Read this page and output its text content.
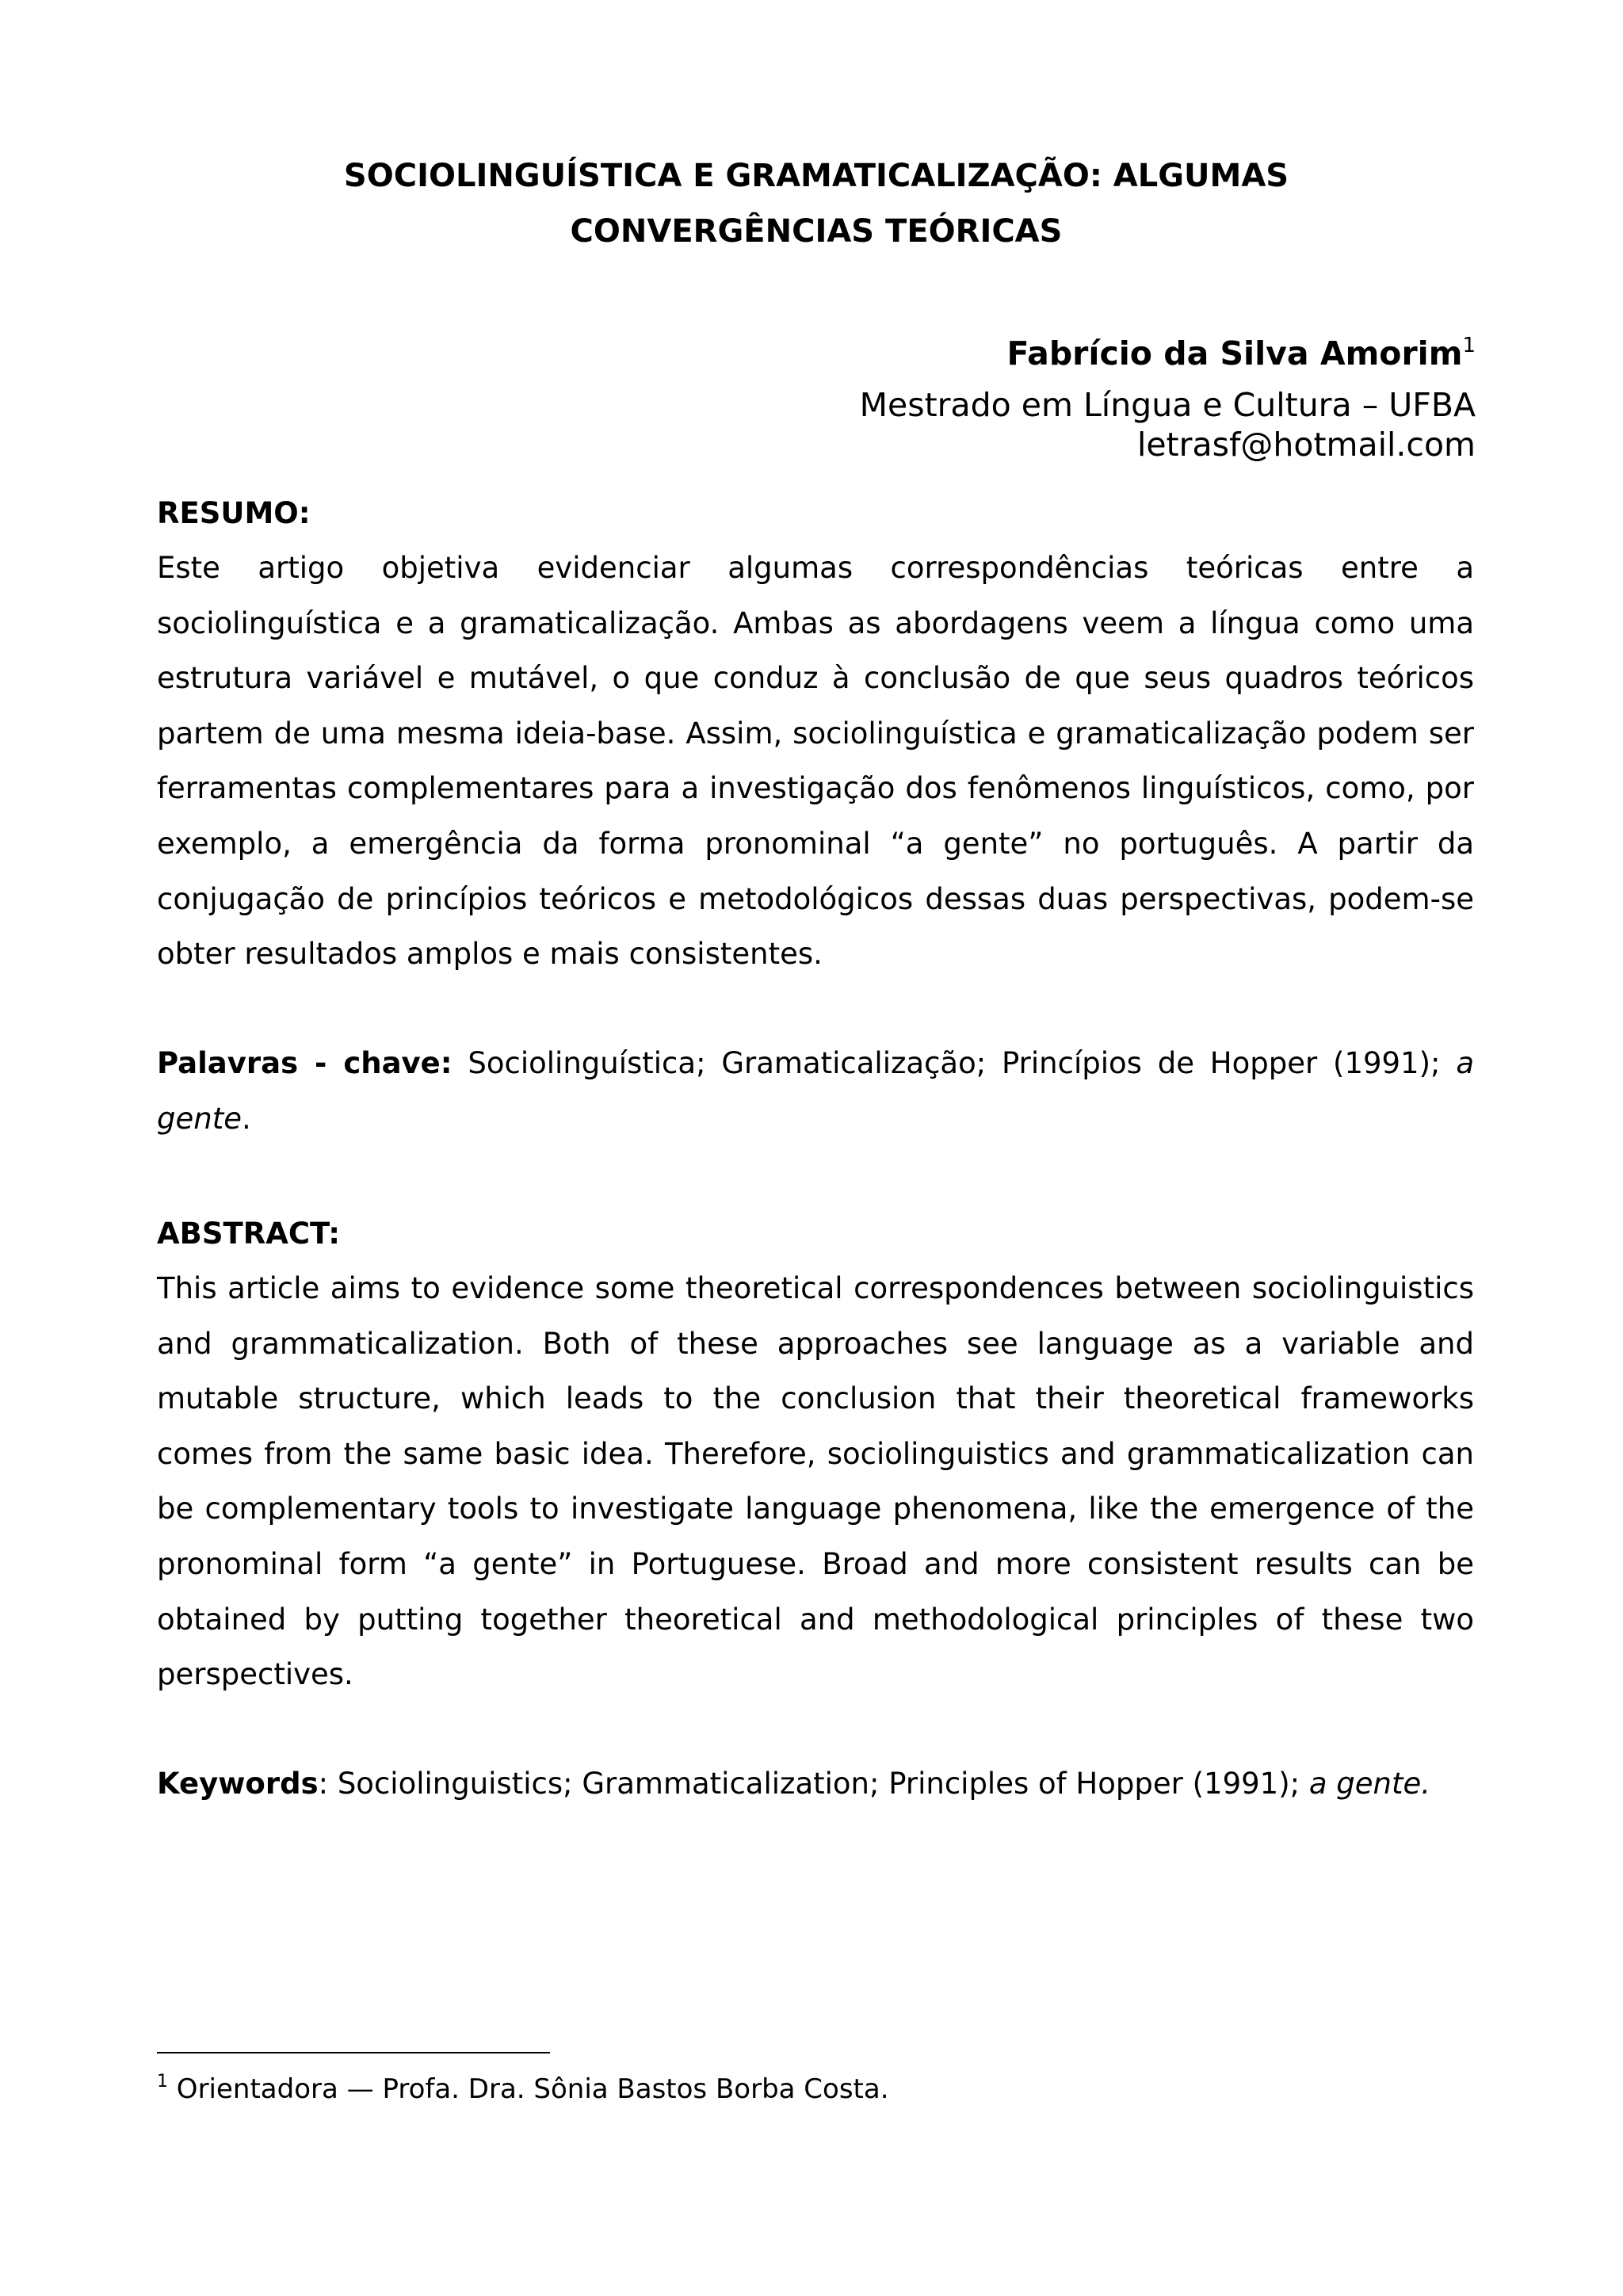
SOCIOLINGUÍSTICA E GRAMATICALIZAÇÃO: ALGUMAS
CONVERGÊNCIAS TEÓRICAS

Fabrício da Silva Amorim$^1$

Mestrado em Língua e Cultura – UFBA

letrasf@hotmail.com

RESUMO:

Este artigo objetiva evidenciar algumas correspondências teóricas entre a sociolinguística e a gramaticalização. Ambas as abordagens veem a língua como uma estrutura variável e mutável, o que conduz à conclusão de que seus quadros teóricos partem de uma mesma ideia-base. Assim, sociolinguística e gramaticalização podem ser ferramentas complementares para a investigação dos fenômenos linguísticos, como, por exemplo, a emergência da forma pronominal “a gente” no português. A partir da conjugação de princípios teóricos e metodológicos dessas duas perspectivas, podem-se obter resultados amplos e mais consistentes.

Palavras - chave: Sociolinguística; Gramaticalização; Princípios de Hopper (1991); a gente.

ABSTRACT:

This article aims to evidence some theoretical correspondences between sociolinguistics and grammaticalization. Both of these approaches see language as a variable and mutable structure, which leads to the conclusion that their theoretical frameworks comes from the same basic idea. Therefore, sociolinguistics and grammaticalization can be complementary tools to investigate language phenomena, like the emergence of the pronominal form “a gente” in Portuguese. Broad and more consistent results can be obtained by putting together theoretical and methodological principles of these two perspectives.

Keywords: Sociolinguistics; Grammaticalization; Principles of Hopper (1991); a gente.

$^1$ Orientadora — Profa. Dra. Sônia Bastos Borba Costa.
